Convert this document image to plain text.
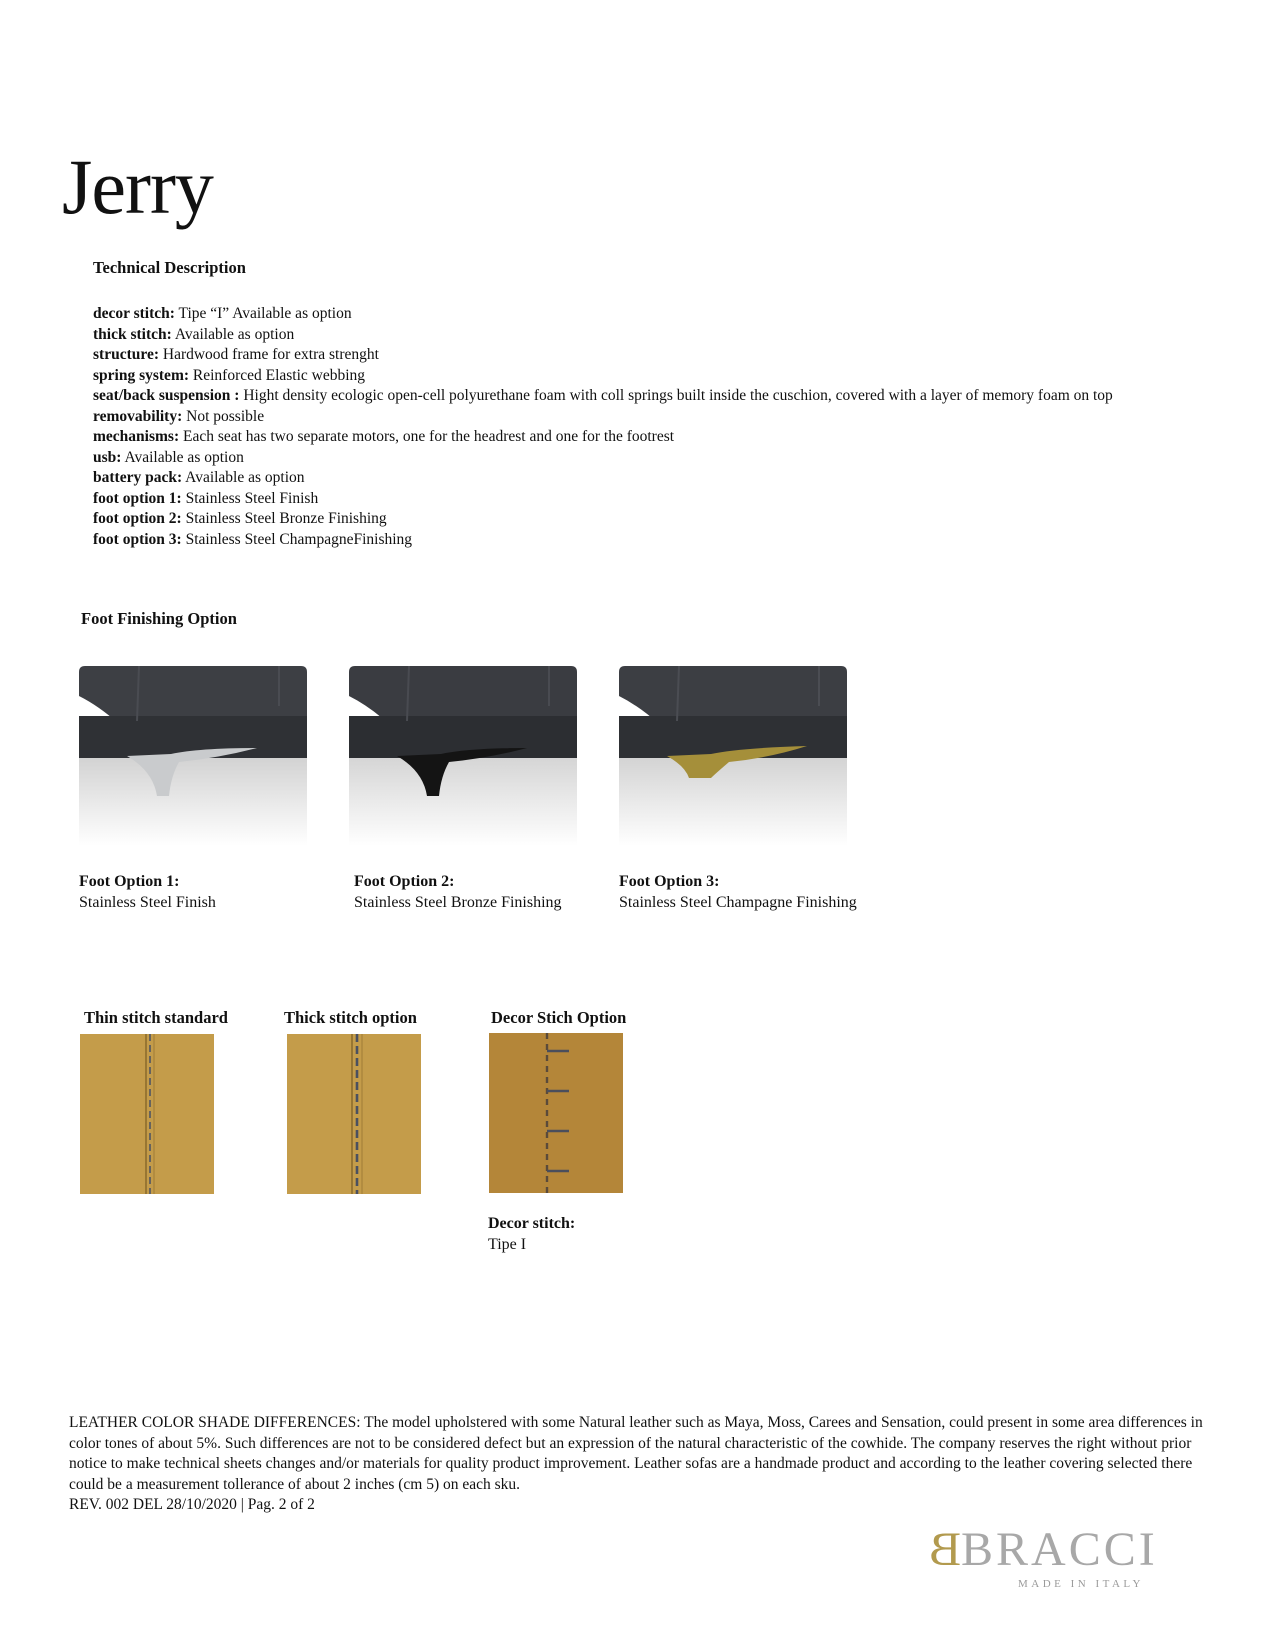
Jerry
Technical Description
decor stitch: Tipe “I” Available as option
thick stitch: Available as option
structure: Hardwood frame for extra strenght
spring system: Reinforced Elastic webbing
seat/back suspension : Hight density ecologic open-cell polyurethane foam with coll springs built inside the cuschion, covered with a layer of memory foam on top
removability: Not possible
mechanisms: Each seat has two separate motors, one for the headrest and one for the footrest
usb: Available as option
battery pack: Available as option
foot option 1: Stainless Steel Finish
foot option 2: Stainless Steel Bronze Finishing
foot option 3: Stainless Steel ChampagneFinishing
Foot Finishing Option
Foot Option 1:
Stainless Steel Finish
Foot Option 2:
Stainless Steel Bronze Finishing
Foot Option 3:
Stainless Steel Champagne Finishing
Thin stitch standard	Thick stitch option	Decor Stich Option
Decor stitch:
Tipe I
LEATHER COLOR SHADE DIFFERENCES: The model upholstered with some Natural leather such as Maya, Moss, Carees and Sensation, could present in some area differences in color tones of about 5%. Such differences are not to be considered defect but an expression of the natural characteristic of the cowhide. The company reserves the right without prior notice to make technical sheets changes and/or materials for quality product improvement. Leather sofas are a handmade product and according to the leather covering selected there could be a measurement tollerance of about 2 inches (cm 5) on each sku.
REV. 002 DEL 28/10/2020 | Pag. 2 of 2
BBRACCI
MADE IN ITALY
